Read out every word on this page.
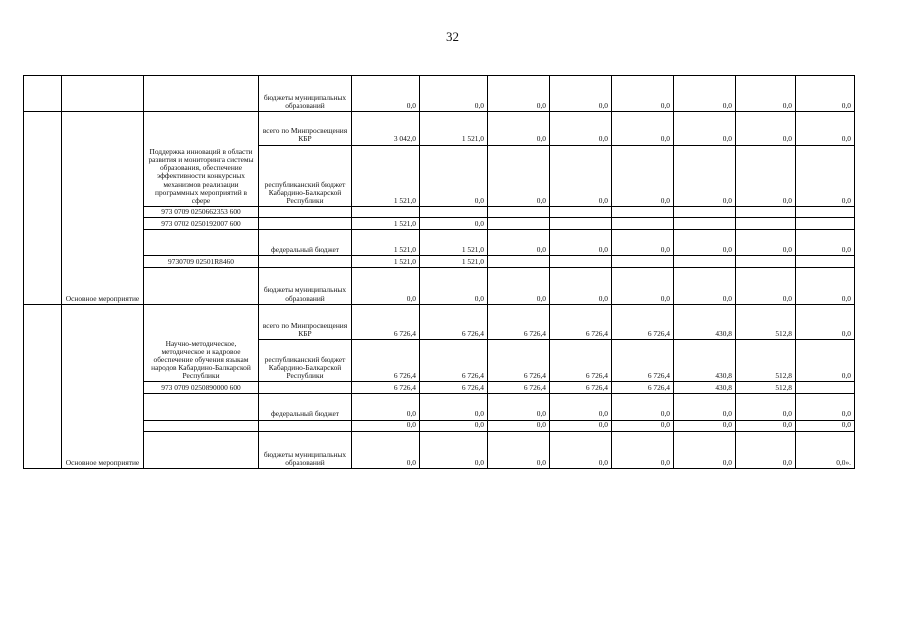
32
			бюджеты муниципальных образований	0,0	0,0	0,0	0,0	0,0	0,0	0,0	0,0
	Основное мероприятие	Поддержка инноваций в области развития и мониторинга системы образования, обеспечение эффективности конкурсных механизмов реализации программных мероприятий в сфере	всего по Минпросвещения КБР	3 042,0	1 521,0	0,0	0,0	0,0	0,0	0,0	0,0
			республиканский бюджет Кабардино-Балкарской Республики	1 521,0	0,0	0,0	0,0	0,0	0,0	0,0	0,0
		973 0709 0250662353 600									
		973 0702 0250192007 600		1 521,0	0,0						
			федеральный бюджет	1 521,0	1 521,0	0,0	0,0	0,0	0,0	0,0	0,0
		9730709 02501R8460		1 521,0	1 521,0						
			бюджеты муниципальных образований	0,0	0,0	0,0	0,0	0,0	0,0	0,0	0,0
	Основное мероприятие	Научно-методическое, методическое и кадровое обеспечение обучения языкам народов Кабардино-Балкарской Республики	всего по Минпросвещения КБР	6 726,4	6 726,4	6 726,4	6 726,4	6 726,4	430,8	512,8	0,0
			республиканский бюджет Кабардино-Балкарской Республики	6 726,4	6 726,4	6 726,4	6 726,4	6 726,4	430,8	512,8	0,0
		973 0709 0250890000 600		6 726,4	6 726,4	6 726,4	6 726,4	6 726,4	430,8	512,8	
			федеральный бюджет	0,0	0,0	0,0	0,0	0,0	0,0	0,0	0,0
				0,0	0,0	0,0	0,0	0,0	0,0	0,0	0,0
			бюджеты муниципальных образований	0,0	0,0	0,0	0,0	0,0	0,0	0,0	0,0».
